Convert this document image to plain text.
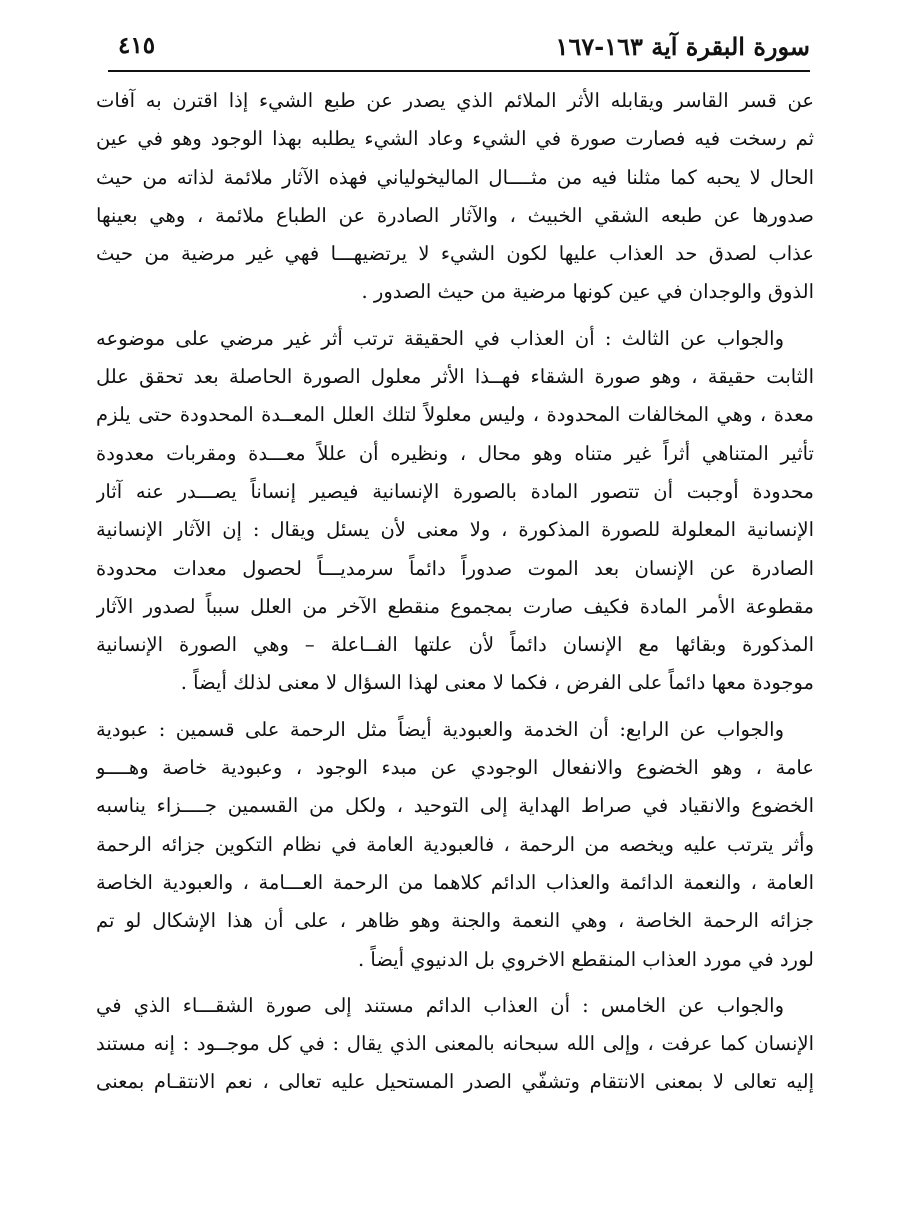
سورة البقرة آية ١٦٣-١٦٧
٤١٥
عن قسر القاسر ويقابله الأثر الملائم الذي يصدر عن طبع الشيء إذا اقترن به آفات
ثم رسخت فيه فصارت صورة في الشيء وعاد الشيء يطلبه بهذا الوجود وهو في عين
الحال لا يحبه كما مثلنا فيه من مثــــال الماليخولياني فهذه الآثار ملائمة لذاته من حيث
صدورها عن طبعه الشقي الخبيث ، والآثار الصادرة عن الطباع ملائمة ، وهي بعينها
عذاب لصدق حد العذاب عليها لكون الشيء لا يرتضيهـــا فهي غير مرضية من حيث
الذوق والوجدان في عين كونها مرضية من حيث الصدور .
والجواب عن الثالث : أن العذاب في الحقيقة ترتب أثر غير مرضي على موضوعه
الثابت حقيقة ، وهو صورة الشقاء فهــذا الأثر معلول الصورة الحاصلة بعد تحقق علل
معدة ، وهي المخالفات المحدودة ، وليس معلولاً لتلك العلل المعــدة المحدودة حتى يلزم
تأثير المتناهي أثراً غير متناه وهو محال ، ونظيره أن عللاً معـــدة ومقربات معدودة
محدودة أوجبت أن تتصور المادة بالصورة الإنسانية فيصير إنساناً يصـــدر عنه آثار
الإنسانية المعلولة للصورة المذكورة ، ولا معنى لأن يسئل ويقال : إن الآثار الإنسانية
الصادرة عن الإنسان بعد الموت صدوراً دائماً سرمديـــاً لحصول معدات محدودة
مقطوعة الأمر المادة فكيف صارت بمجموع منقطع الآخر من العلل سبباً لصدور الآثار
المذكورة وبقائها مع الإنسان دائماً لأن علتها الفــاعلة – وهي الصورة الإنسانية
موجودة معها دائماً على الفرض ، فكما لا معنى لهذا السؤال لا معنى لذلك أيضاً .
والجواب عن الرابع: أن الخدمة والعبودية أيضاً مثل الرحمة على قسمين : عبودية
عامة ، وهو الخضوع والانفعال الوجودي عن مبدء الوجود ، وعبودية خاصة وهــــو
الخضوع والانقياد في صراط الهداية إلى التوحيد ، ولكل من القسمين جــــزاء يناسبه
وأثر يترتب عليه ويخصه من الرحمة ، فالعبودية العامة في نظام التكوين جزائه الرحمة
العامة ، والنعمة الدائمة والعذاب الدائم كلاهما من الرحمة العـــامة ، والعبودية الخاصة
جزائه الرحمة الخاصة ، وهي النعمة والجنة وهو ظاهر ، على أن هذا الإشكال لو تم
لورد في مورد العذاب المنقطع الاخروي بل الدنيوي أيضاً .
والجواب عن الخامس : أن العذاب الدائم مستند إلى صورة الشقـــاء الذي في
الإنسان كما عرفت ، وإلى الله سبحانه بالمعنى الذي يقال : في كل موجــود : إنه مستند
إليه تعالى لا بمعنى الانتقام وتشفّي الصدر المستحيل عليه تعالى ، نعم الانتقـام بمعنى
